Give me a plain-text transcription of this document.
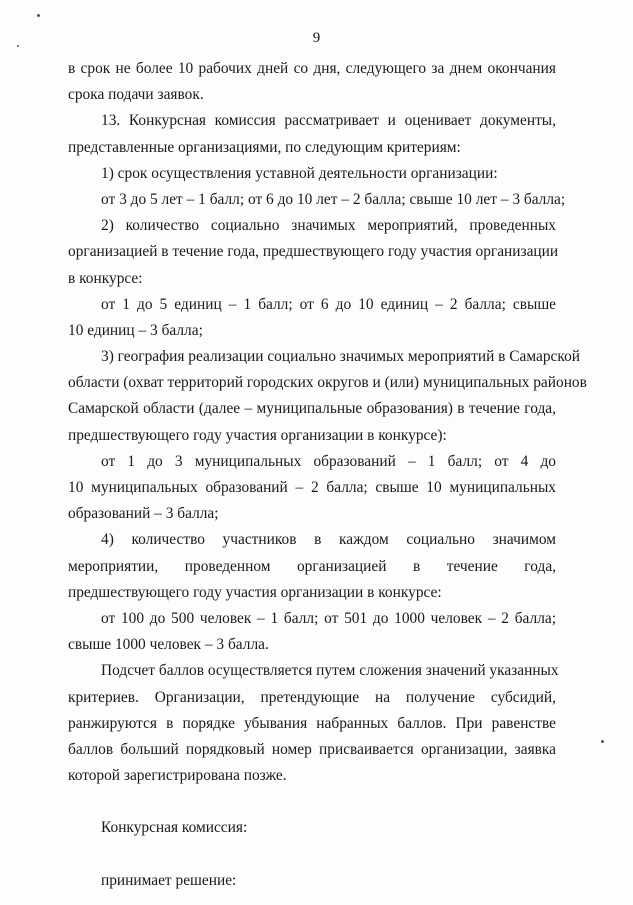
9
в срок не более 10 рабочих дней со дня, следующего за днем окончания
срока подачи заявок.
13. Конкурсная комиссия рассматривает и оценивает документы,
представленные организациями, по следующим критериям:
1) срок осуществления уставной деятельности организации:
от 3 до 5 лет – 1 балл; от 6 до 10 лет – 2 балла; свыше 10 лет – 3 балла;
2) количество социально значимых мероприятий, проведенных
организацией в течение года, предшествующего году участия организации
в конкурсе:
от 1 до 5 единиц – 1 балл; от 6 до 10 единиц – 2 балла; свыше
10 единиц – 3 балла;
3) география реализации социально значимых мероприятий в Самарской
области (охват территорий городских округов и (или) муниципальных районов
Самарской области (далее – муниципальные образования) в течение года,
предшествующего году участия организации в конкурсе):
от 1 до 3 муниципальных образований – 1 балл; от 4 до
10 муниципальных образований – 2 балла; свыше 10 муниципальных
образований – 3 балла;
4) количество участников в каждом социально значимом
мероприятии, проведенном организацией в течение года,
предшествующего году участия организации в конкурсе:
от 100 до 500 человек – 1 балл; от 501 до 1000 человек – 2 балла;
свыше 1000 человек – 3 балла.
Подсчет баллов осуществляется путем сложения значений указанных
критериев. Организации, претендующие на получение субсидий,
ранжируются в порядке убывания набранных баллов. При равенстве
баллов больший порядковый номер присваивается организации, заявка
которой зарегистрирована позже.
Конкурсная комиссия:
принимает решение:
